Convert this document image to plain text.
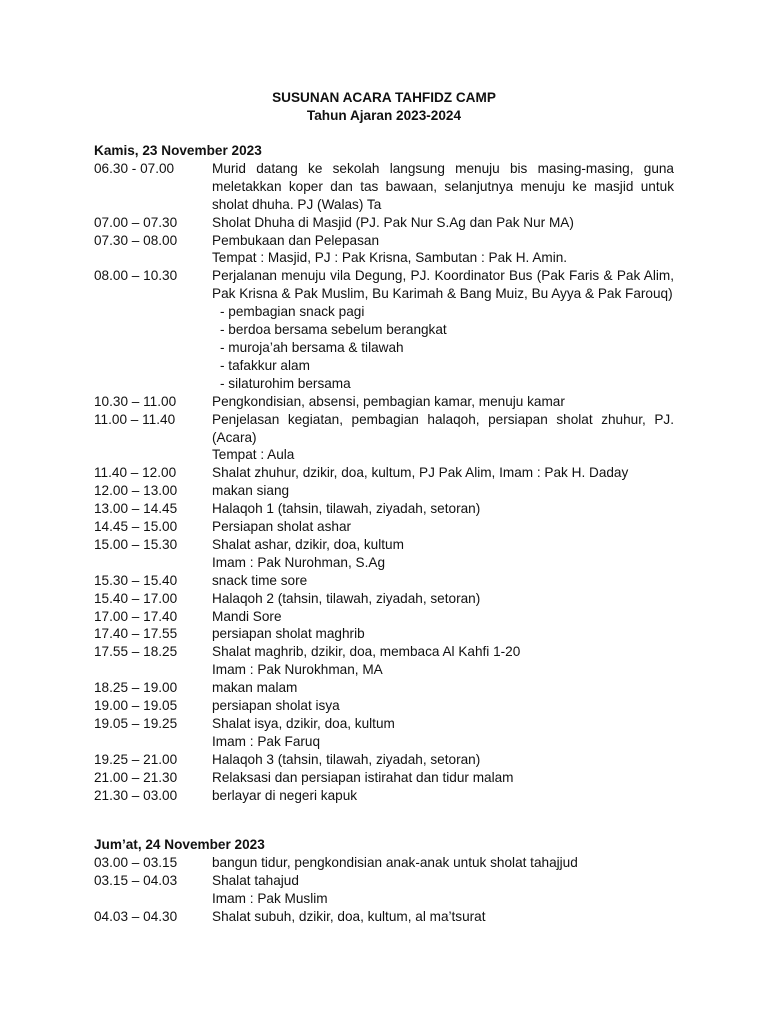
SUSUNAN ACARA TAHFIDZ CAMP
Tahun Ajaran 2023-2024
Kamis, 23 November 2023
06.30 - 07.00	Murid datang ke sekolah langsung menuju bis masing-masing, guna meletakkan koper dan tas bawaan, selanjutnya menuju ke masjid untuk sholat dhuha. PJ (Walas) Ta
07.00 – 07.30	Sholat Dhuha di Masjid (PJ. Pak Nur S.Ag dan Pak Nur MA)
07.30 – 08.00	Pembukaan dan Pelepasan
Tempat : Masjid, PJ : Pak Krisna, Sambutan : Pak H. Amin.
08.00 – 10.30	Perjalanan menuju vila Degung, PJ. Koordinator Bus (Pak Faris & Pak Alim, Pak Krisna & Pak Muslim, Bu Karimah & Bang Muiz, Bu Ayya & Pak Farouq)
- pembagian snack pagi
- berdoa bersama sebelum berangkat
- muroja’ah bersama & tilawah
- tafakkur alam
- silaturohim bersama
10.30 – 11.00	Pengkondisian, absensi, pembagian kamar, menuju kamar
11.00 – 11.40	Penjelasan kegiatan, pembagian halaqoh, persiapan sholat zhuhur, PJ. (Acara)
Tempat : Aula
11.40 – 12.00	Shalat zhuhur, dzikir, doa, kultum, PJ Pak Alim, Imam : Pak H. Daday
12.00 – 13.00	makan siang
13.00 – 14.45	Halaqoh 1 (tahsin, tilawah, ziyadah, setoran)
14.45 – 15.00	Persiapan sholat ashar
15.00 – 15.30	Shalat ashar, dzikir, doa, kultum
Imam : Pak Nurohman, S.Ag
15.30 – 15.40	snack time sore
15.40 – 17.00	Halaqoh 2 (tahsin, tilawah, ziyadah, setoran)
17.00 – 17.40	Mandi Sore
17.40 – 17.55	persiapan sholat maghrib
17.55 – 18.25	Shalat maghrib, dzikir, doa, membaca Al Kahfi 1-20
Imam : Pak Nurokhman, MA
18.25 – 19.00	makan malam
19.00 – 19.05	persiapan sholat isya
19.05 – 19.25	Shalat isya, dzikir, doa, kultum
Imam : Pak Faruq
19.25 – 21.00	Halaqoh 3 (tahsin, tilawah, ziyadah, setoran)
21.00 – 21.30	Relaksasi dan persiapan istirahat dan tidur malam
21.30 – 03.00	berlayar di negeri kapuk
Jum’at, 24 November 2023
03.00 – 03.15	bangun tidur, pengkondisian anak-anak untuk sholat tahajjud
03.15 – 04.03	Shalat tahajud
Imam : Pak Muslim
04.03 – 04.30	Shalat subuh, dzikir, doa, kultum, al ma’tsurat
